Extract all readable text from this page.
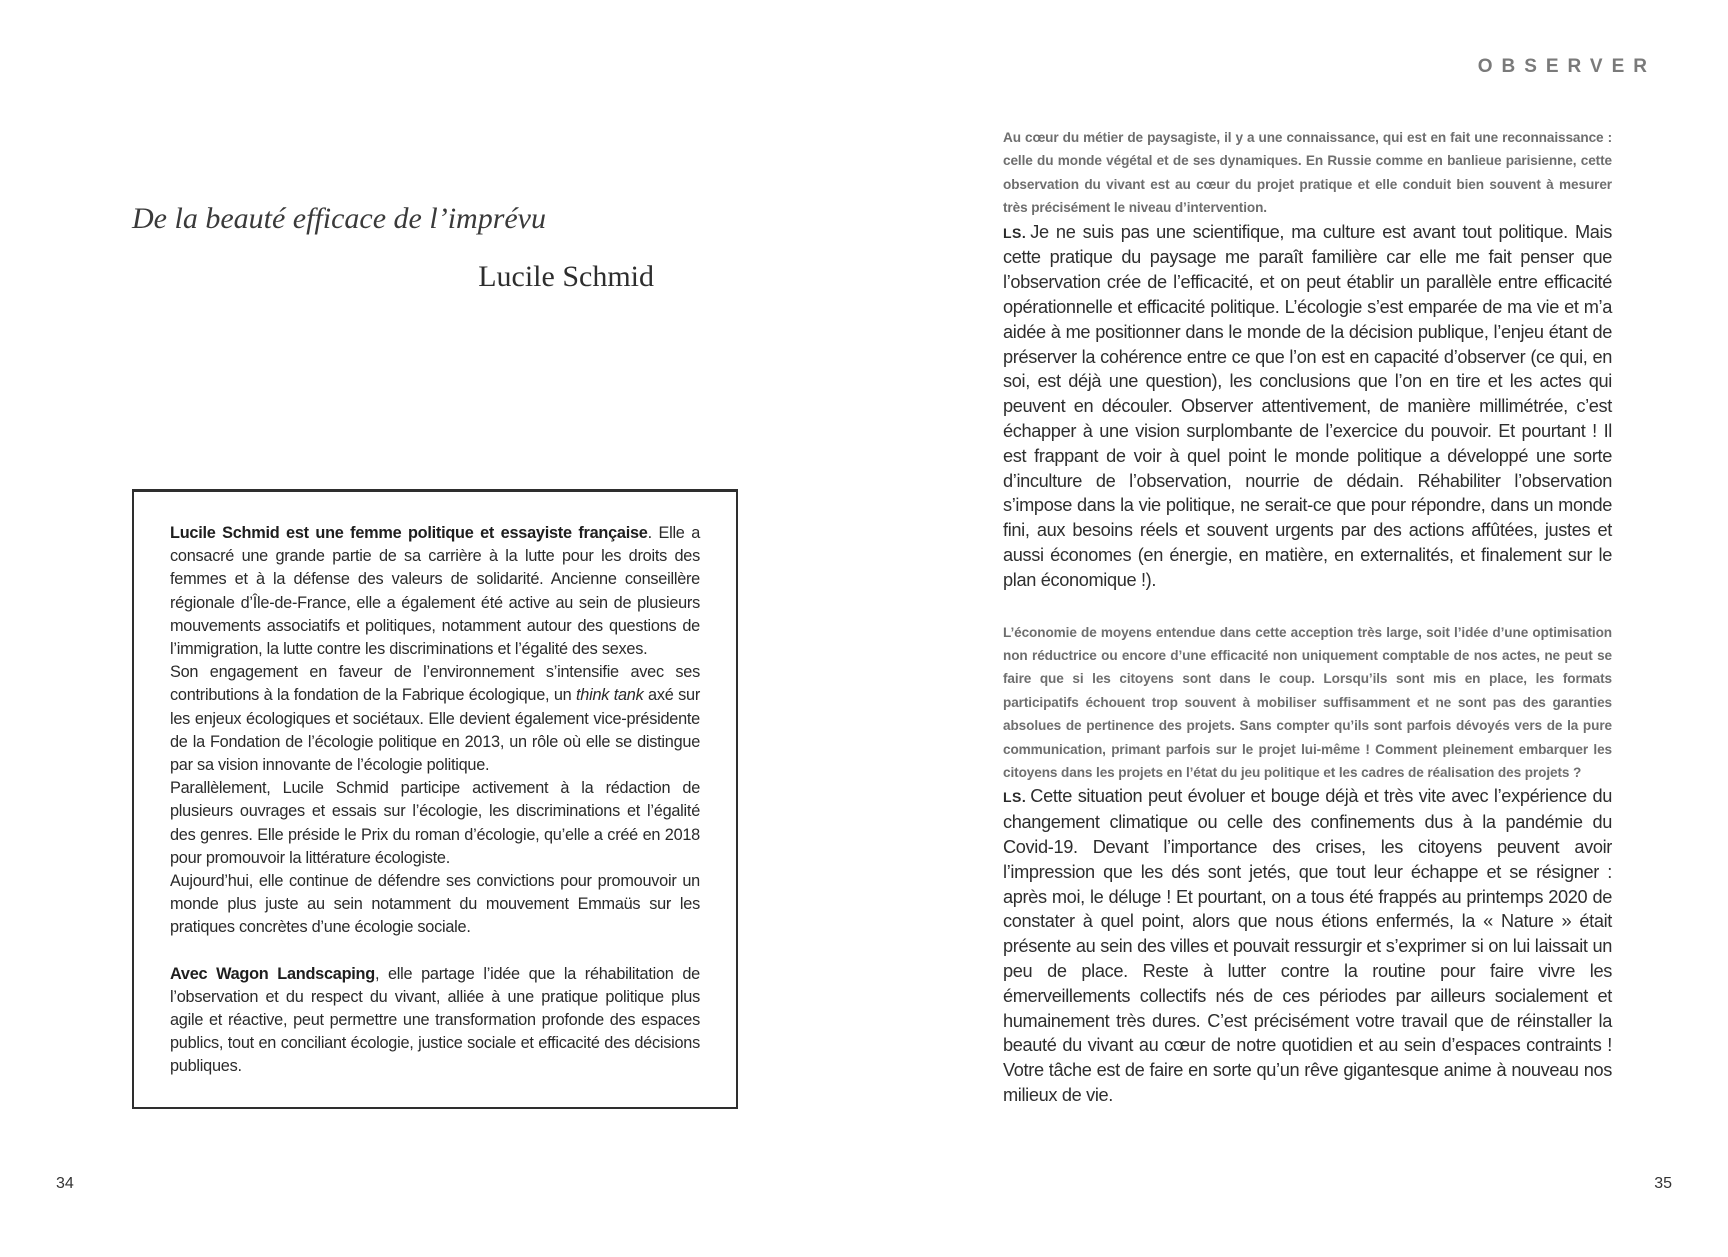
De la beauté efficace de l’imprévu
Lucile Schmid

Lucile Schmid est une femme politique et essayiste française. Elle a consacré une grande partie de sa carrière à la lutte pour les droits des femmes et à la défense des valeurs de solidarité. Ancienne conseillère régionale d’Île-de-France, elle a également été active au sein de plusieurs mouvements associatifs et politiques, notamment autour des questions de l’immigration, la lutte contre les discriminations et l’égalité des sexes.

Son engagement en faveur de l’environnement s’intensifie avec ses contributions à la fondation de la Fabrique écologique, un think tank axé sur les enjeux écologiques et sociétaux. Elle devient également vice-présidente de la Fondation de l’écologie politique en 2013, un rôle où elle se distingue par sa vision innovante de l’écologie politique.

Parallèlement, Lucile Schmid participe activement à la rédaction de plusieurs ouvrages et essais sur l’écologie, les discriminations et l’égalité des genres. Elle préside le Prix du roman d’écologie, qu’elle a créé en 2018 pour promouvoir la littérature écologiste.

Aujourd’hui, elle continue de défendre ses convictions pour promouvoir un monde plus juste au sein notamment du mouvement Emmaüs sur les pratiques concrètes d’une écologie sociale.

Avec Wagon Landscaping, elle partage l’idée que la réhabilitation de l’observation et du respect du vivant, alliée à une pratique politique plus agile et réactive, peut permettre une transformation profonde des espaces publics, tout en conciliant écologie, justice sociale et efficacité des décisions publiques.

34
OBSERVER

Au cœur du métier de paysagiste, il y a une connaissance, qui est en fait une reconnaissance : celle du monde végétal et de ses dynamiques. En Russie comme en banlieue parisienne, cette observation du vivant est au cœur du projet pratique et elle conduit bien souvent à mesurer très précisément le niveau d’intervention.

LS. Je ne suis pas une scientifique, ma culture est avant tout politique. Mais cette pratique du paysage me paraît familière car elle me fait penser que l’observation crée de l’efficacité, et on peut établir un parallèle entre efficacité opérationnelle et efficacité politique. L’écologie s’est emparée de ma vie et m’a aidée à me positionner dans le monde de la décision publique, l’enjeu étant de préserver la cohérence entre ce que l’on est en capacité d’observer (ce qui, en soi, est déjà une question), les conclusions que l’on en tire et les actes qui peuvent en découler. Observer attentivement, de manière millimétrée, c’est échapper à une vision surplombante de l’exercice du pouvoir. Et pourtant ! Il est frappant de voir à quel point le monde politique a développé une sorte d’inculture de l’observation, nourrie de dédain. Réhabiliter l’observation s’impose dans la vie politique, ne serait-ce que pour répondre, dans un monde fini, aux besoins réels et souvent urgents par des actions affûtées, justes et aussi économes (en énergie, en matière, en externalités, et finalement sur le plan économique !).

L’économie de moyens entendue dans cette acception très large, soit l’idée d’une optimisation non réductrice ou encore d’une efficacité non uniquement comptable de nos actes, ne peut se faire que si les citoyens sont dans le coup. Lorsqu’ils sont mis en place, les formats participatifs échouent trop souvent à mobiliser suffisamment et ne sont pas des garanties absolues de pertinence des projets. Sans compter qu’ils sont parfois dévoyés vers de la pure communication, primant parfois sur le projet lui-même ! Comment pleinement embarquer les citoyens dans les projets en l’état du jeu politique et les cadres de réalisation des projets ?

LS. Cette situation peut évoluer et bouge déjà et très vite avec l’expérience du changement climatique ou celle des confinements dus à la pandémie du Covid-19. Devant l’importance des crises, les citoyens peuvent avoir l’impression que les dés sont jetés, que tout leur échappe et se résigner : après moi, le déluge ! Et pourtant, on a tous été frappés au printemps 2020 de constater à quel point, alors que nous étions enfermés, la « Nature » était présente au sein des villes et pouvait ressurgir et s’exprimer si on lui laissait un peu de place. Reste à lutter contre la routine pour faire vivre les émerveillements collectifs nés de ces périodes par ailleurs socialement et humainement très dures. C’est précisément votre travail que de réinstaller la beauté du vivant au cœur de notre quotidien et au sein d’espaces contraints ! Votre tâche est de faire en sorte qu’un rêve gigantesque anime à nouveau nos milieux de vie.

35
